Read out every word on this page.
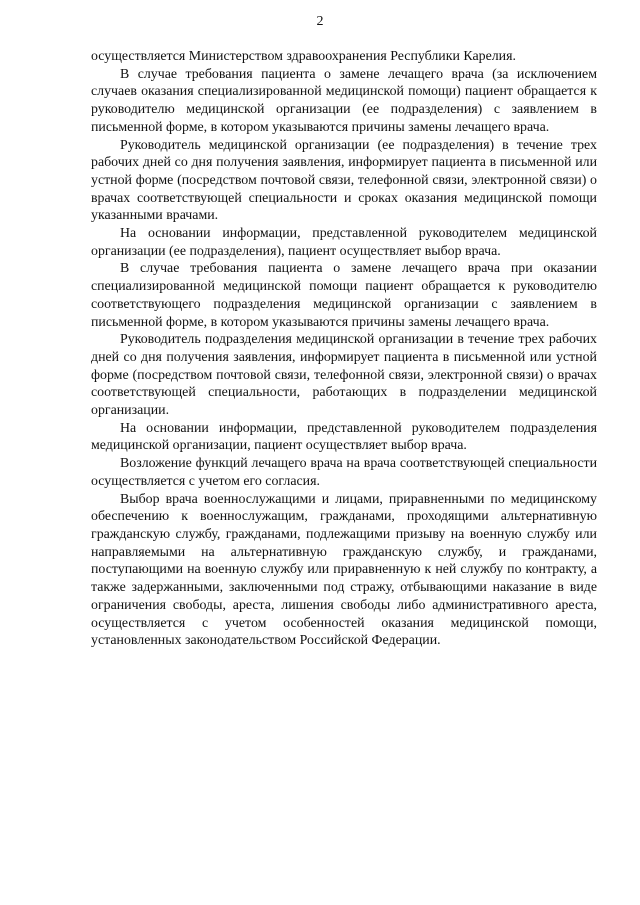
2

осуществляется Министерством здравоохранения Республики Карелия.

В случае требования пациента о замене лечащего врача (за исключением случаев оказания специализированной медицинской помощи) пациент обращается к руководителю медицинской организации (ее подразделения) с заявлением в письменной форме, в котором указываются причины замены лечащего врача.

Руководитель медицинской организации (ее подразделения) в течение трех рабочих дней со дня получения заявления, информирует пациента в письменной или устной форме (посредством почтовой связи, телефонной связи, электронной связи) о врачах соответствующей специальности и сроках оказания медицинской помощи указанными врачами.

На основании информации, представленной руководителем медицинской организации (ее подразделения), пациент осуществляет выбор врача.

В случае требования пациента о замене лечащего врача при оказании специализированной медицинской помощи пациент обращается к руководителю соответствующего подразделения медицинской организации с заявлением в письменной форме, в котором указываются причины замены лечащего врача.

Руководитель подразделения медицинской организации в течение трех рабочих дней со дня получения заявления, информирует пациента в письменной или устной форме (посредством почтовой связи, телефонной связи, электронной связи) о врачах соответствующей специальности, работающих в подразделении медицинской организации.

На основании информации, представленной руководителем подразделения медицинской организации, пациент осуществляет выбор врача.

Возложение функций лечащего врача на врача соответствующей специальности осуществляется с учетом его согласия.

Выбор врача военнослужащими и лицами, приравненными по медицинскому обеспечению к военнослужащим, гражданами, проходящими альтернативную гражданскую службу, гражданами, подлежащими призыву на военную службу или направляемыми на альтернативную гражданскую службу, и гражданами, поступающими на военную службу или приравненную к ней службу по контракту, а также задержанными, заключенными под стражу, отбывающими наказание в виде ограничения свободы, ареста, лишения свободы либо административного ареста, осуществляется с учетом особенностей оказания медицинской помощи, установленных законодательством Российской Федерации.
